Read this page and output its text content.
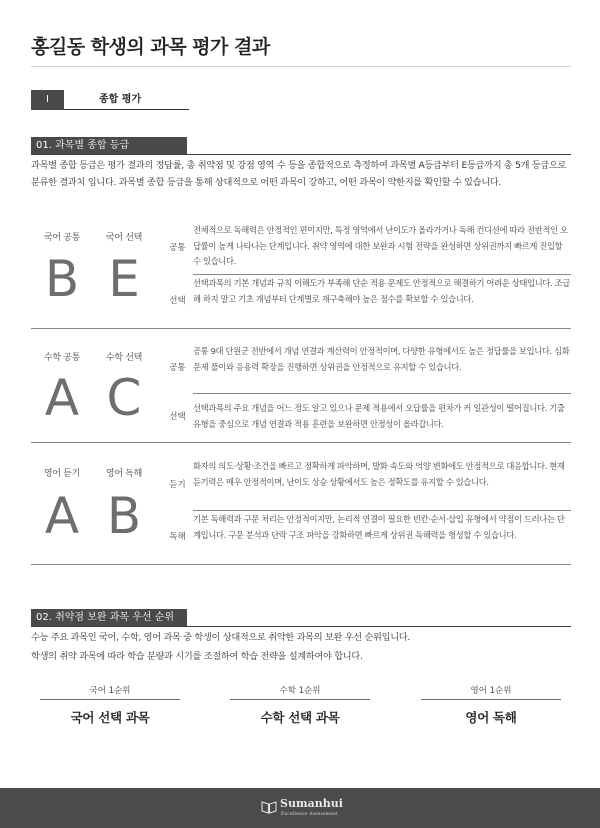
홍길동 학생의 과목 평가 결과
I	종합 평가
01. 과목별 종합 등급
과목별 종합 등급은 평가 결과의 정답률, 총 취약점 및 강점 영역 수 등을 종합적으로 측정하여 과목별 A등급부터 E등급까지 총 5개 등급으로 분류한 결과치 입니다. 과목별 종합 등급을 통해 상대적으로 어떤 과목이 강하고, 어떤 과목이 약한지를 확인할 수 있습니다.
국어 공통	국어 선택
B E
공통
전체적으로 독해력은 안정적인 편이지만, 특정 영역에서 난이도가 올라가거나 독해 컨디션에 따라 전반적인 오답률이 높게 나타나는 단계입니다. 취약 영역에 대한 보완과 시험 전략을 완성하면 상위권까지 빠르게 진입할 수 있습니다.
선택
선택과목의 기본 개념과 규칙 이해도가 부족해 단순 적용 문제도 안정적으로 해결하기 어려운 상태입니다. 조급해 하지 말고 기초 개념부터 단계별로 재구축해야 높은 점수를 확보할 수 있습니다.
수학 공통	수학 선택
A C
공통
공통 9대 단원군 전반에서 개념 연결과 계산력이 안정적이며, 다양한 유형에서도 높은 정답률을 보입니다. 심화 문제 풀이와 응용력 확장을 진행하면 상위권을 안정적으로 유지할 수 있습니다.
선택
선택과목의 주요 개념을 어느 정도 알고 있으나 문제 적용에서 오답률을 편차가 커 일관성이 떨어집니다. 기출 유형을 중심으로 개념 연결과 적용 훈련을 보완하면 안정성이 올라갑니다.
영어 듣기	영어 독해
A B
듣기
화자의 의도·상황·조건을 빠르고 정확하게 파악하며, 발화 속도와 억양 변화에도 안정적으로 대응합니다. 현재 듣기력은 매우 안정적이며, 난이도 상승 상황에서도 높은 정확도를 유지할 수 있습니다.
독해
기본 독해력과 구문 처리는 안정적이지만, 논리적 연결이 필요한 빈칸·순서·삽입 유형에서 약점이 드러나는 단계입니다. 구문 분석과 단락 구조 파악을 강화하면 빠르게 상위권 독해력을 형성할 수 있습니다.
02. 취약점 보완 과목 우선 순위
수능 주요 과목인 국어, 수학, 영어 과목 중 학생이 상대적으로 취약한 과목의 보완 우선 순위입니다.
학생의 취약 과목에 따라 학습 분량과 시기를 조절하여 학습 전략을 설계하여야 합니다.
국어 1순위
국어 선택 과목
수학 1순위
수학 선택 과목
영어 1순위
영어 독해
Sumanhui
Excellence Assessment
